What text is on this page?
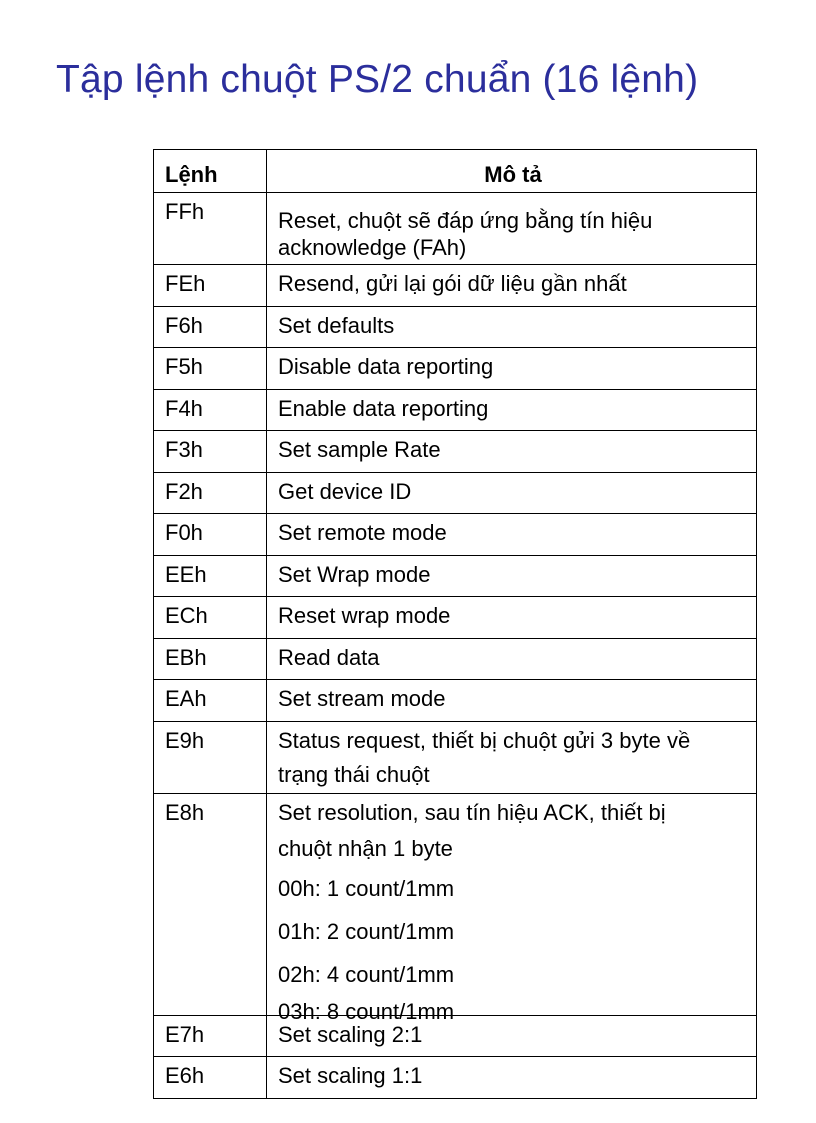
Tập lệnh chuột PS/2 chuẩn (16 lệnh)
Lệnh	Mô tả
FFh	Reset, chuột sẽ đáp ứng bằng tín hiệu
acknowledge (FAh)
FEh	Resend, gửi lại gói dữ liệu gần nhất
F6h	Set defaults
F5h	Disable data reporting
F4h	Enable data reporting
F3h	Set sample Rate
F2h	Get device ID
F0h	Set remote mode
EEh	Set Wrap mode
ECh	Reset wrap mode
EBh	Read data
EAh	Set stream mode
E9h	Status request, thiết bị chuột gửi 3 byte về
trạng thái chuột
E8h	Set resolution, sau tín hiệu ACK, thiết bị
chuột nhận 1 byte
00h: 1 count/1mm
01h: 2 count/1mm
02h: 4 count/1mm
03h: 8 count/1mm
E7h	Set scaling 2:1
E6h	Set scaling 1:1
